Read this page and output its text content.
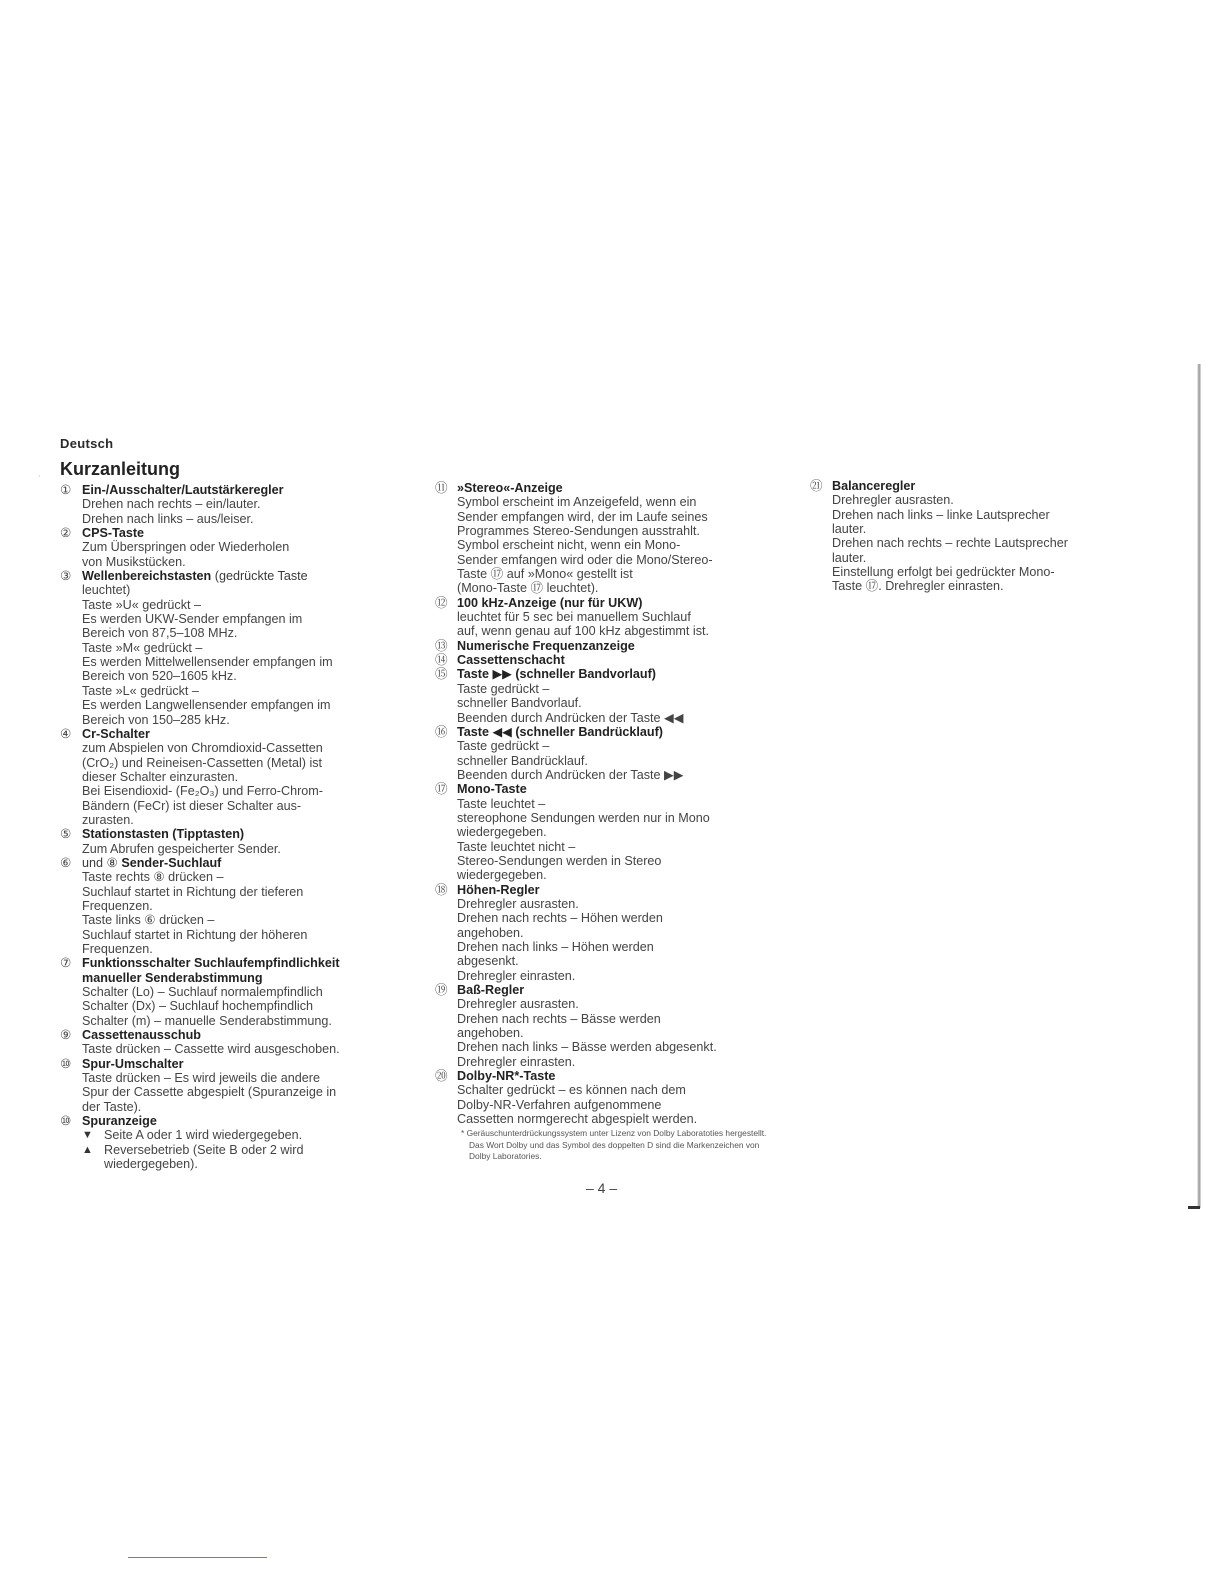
⸳
Deutsch
Kurzanleitung
① Ein-/Ausschalter/Lautstärkeregler
Drehen nach rechts – ein/lauter.
Drehen nach links – aus/leiser.
② CPS-Taste
Zum Überspringen oder Wiederholen
von Musikstücken.
③ Wellenbereichstasten (gedrückte Taste
leuchtet)
Taste »U« gedrückt –
Es werden UKW-Sender empfangen im
Bereich von 87,5–108 MHz.
Taste »M« gedrückt –
Es werden Mittelwellensender empfangen im
Bereich von 520–1605 kHz.
Taste »L« gedrückt –
Es werden Langwellensender empfangen im
Bereich von 150–285 kHz.
④ Cr-Schalter
zum Abspielen von Chromdioxid-Cassetten
(CrO₂) und Reineisen-Cassetten (Metal) ist
dieser Schalter einzurasten.
Bei Eisendioxid- (Fe₂O₃) und Ferro-Chrom-
Bändern (FeCr) ist dieser Schalter aus-
zurasten.
⑤ Stationstasten (Tipptasten)
Zum Abrufen gespeicherter Sender.
⑥ und ⑧ Sender-Suchlauf
Taste rechts ⑧ drücken –
Suchlauf startet in Richtung der tieferen
Frequenzen.
Taste links ⑥ drücken –
Suchlauf startet in Richtung der höheren
Frequenzen.
⑦ Funktionsschalter Suchlaufempfindlichkeit
manueller Senderabstimmung
Schalter (Lo) – Suchlauf normalempfindlich
Schalter (Dx) – Suchlauf hochempfindlich
Schalter (m) – manuelle Senderabstimmung.
⑨ Cassettenausschub
Taste drücken – Cassette wird ausgeschoben.
⑩ Spur-Umschalter
Taste drücken – Es wird jeweils die andere
Spur der Cassette abgespielt (Spuranzeige in
der Taste).
⑩ Spuranzeige
▼ Seite A oder 1 wird wiedergegeben.
▲ Reversebetrieb (Seite B oder 2 wird
wiedergegeben).
⑪ »Stereo«-Anzeige
Symbol erscheint im Anzeigefeld, wenn ein
Sender empfangen wird, der im Laufe seines
Programmes Stereo-Sendungen ausstrahlt.
Symbol erscheint nicht, wenn ein Mono-
Sender emfangen wird oder die Mono/Stereo-
Taste ⑰ auf »Mono« gestellt ist
(Mono-Taste ⑰ leuchtet).
⑫ 100 kHz-Anzeige (nur für UKW)
leuchtet für 5 sec bei manuellem Suchlauf
auf, wenn genau auf 100 kHz abgestimmt ist.
⑬ Numerische Frequenzanzeige
⑭ Cassettenschacht
⑮ Taste ▶▶ (schneller Bandvorlauf)
Taste gedrückt –
schneller Bandvorlauf.
Beenden durch Andrücken der Taste ◀◀
⑯ Taste ◀◀ (schneller Bandrücklauf)
Taste gedrückt –
schneller Bandrücklauf.
Beenden durch Andrücken der Taste ▶▶
⑰ Mono-Taste
Taste leuchtet –
stereophone Sendungen werden nur in Mono
wiedergegeben.
Taste leuchtet nicht –
Stereo-Sendungen werden in Stereo
wiedergegeben.
⑱ Höhen-Regler
Drehregler ausrasten.
Drehen nach rechts – Höhen werden
angehoben.
Drehen nach links – Höhen werden
abgesenkt.
Drehregler einrasten.
⑲ Baß-Regler
Drehregler ausrasten.
Drehen nach rechts – Bässe werden
angehoben.
Drehen nach links – Bässe werden abgesenkt.
Drehregler einrasten.
⑳ Dolby-NR*-Taste
Schalter gedrückt – es können nach dem
Dolby-NR-Verfahren aufgenommene
Cassetten normgerecht abgespielt werden.
* Geräuschunterdrückungssystem unter Lizenz von Dolby Laboratoties hergestellt. Das Wort Dolby und das Symbol des doppelten D sind die Markenzeichen von Dolby Laboratories.
㉑ Balanceregler
Drehregler ausrasten.
Drehen nach links – linke Lautsprecher
lauter.
Drehen nach rechts – rechte Lautsprecher
lauter.
Einstellung erfolgt bei gedrückter Mono-
Taste ⑰. Drehregler einrasten.
– 4 –
